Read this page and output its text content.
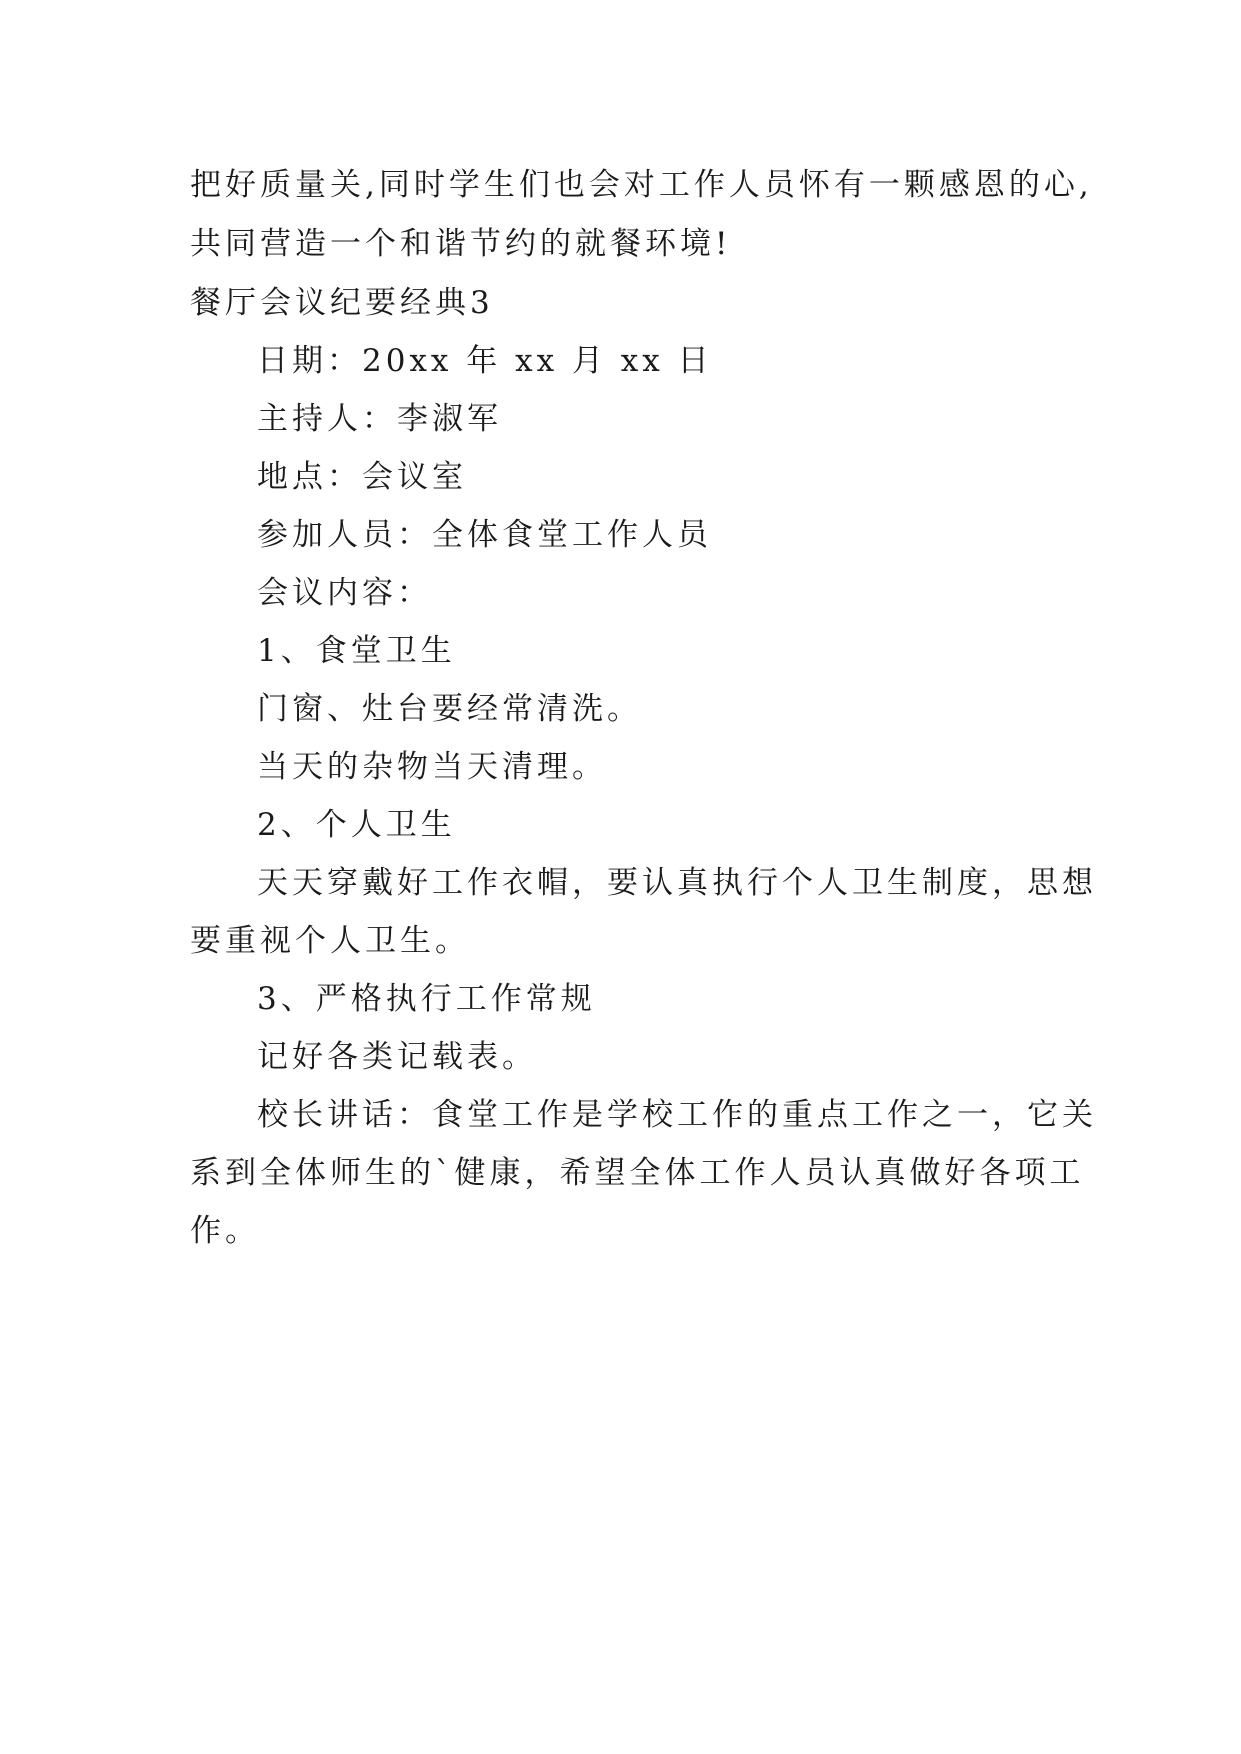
把好质量关,同时学生们也会对工作人员怀有一颗感恩的心,
共同营造一个和谐节约的就餐环境!
餐厅会议纪要经典3
日期：20xx 年 xx 月 xx 日
主持人：李淑军
地点：会议室
参加人员：全体食堂工作人员
会议内容：
1、食堂卫生
门窗、灶台要经常清洗。
当天的杂物当天清理。
2、个人卫生
天天穿戴好工作衣帽，要认真执行个人卫生制度，思想
要重视个人卫生。
3、严格执行工作常规
记好各类记载表。
校长讲话：食堂工作是学校工作的重点工作之一，它关
系到全体师生的`健康，希望全体工作人员认真做好各项工
作。
